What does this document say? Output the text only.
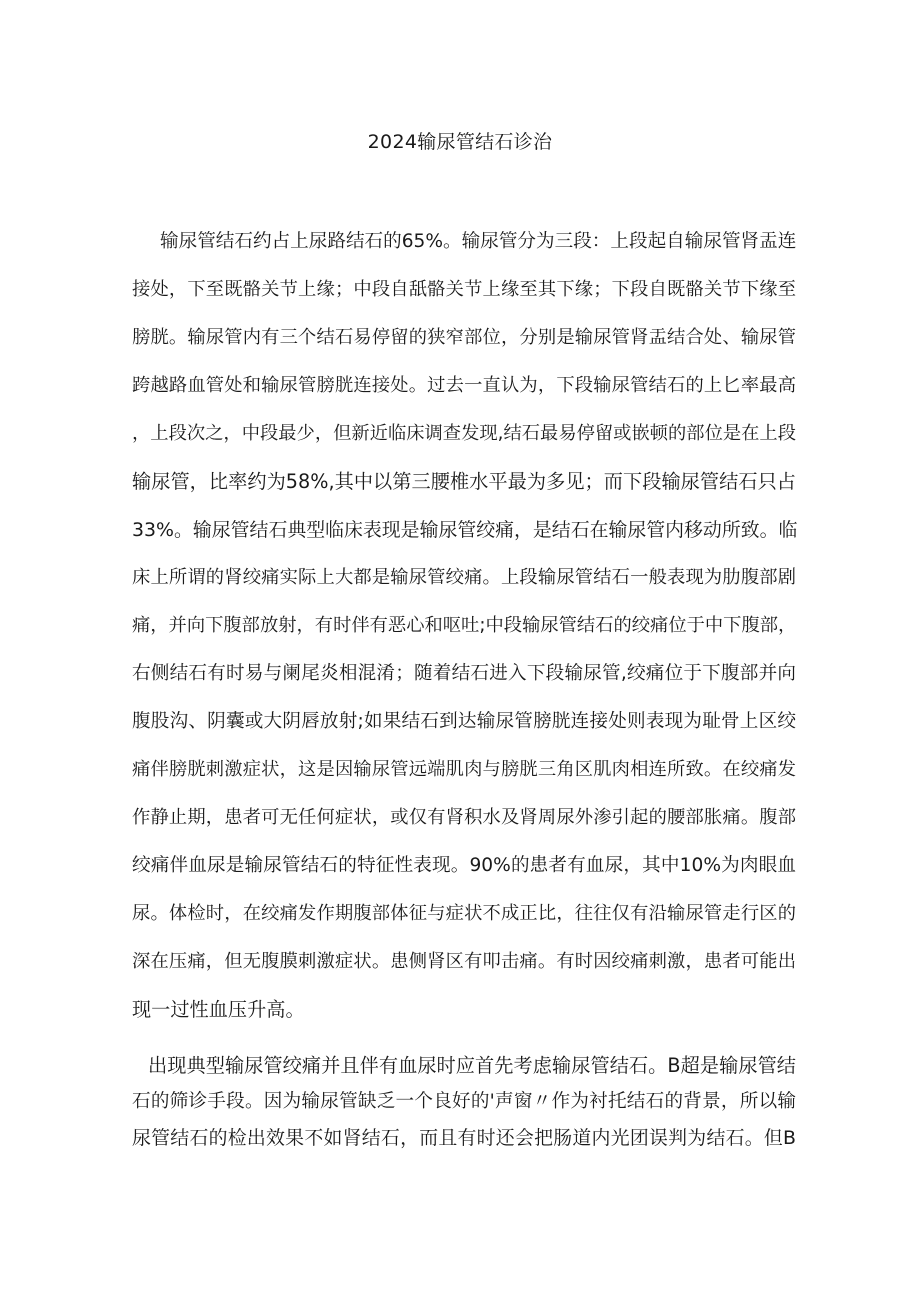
2024输尿管结石诊治
输尿管结石约占上尿路结石的65%。输尿管分为三段：上段起自输尿管肾盂连
接处，下至既骼关节上缘；中段自舐骼关节上缘至其下缘；下段自既骼关节下缘至
膀胱。输尿管内有三个结石易停留的狭窄部位，分别是输尿管肾盂结合处、输尿管
跨越路血管处和输尿管膀胱连接处。过去一直认为，下段输尿管结石的上匕率最高
，上段次之，中段最少，但新近临床调查发现,结石最易停留或嵌顿的部位是在上段
输尿管，比率约为58%,其中以第三腰椎水平最为多见；而下段输尿管结石只占
33%。输尿管结石典型临床表现是输尿管绞痛，是结石在输尿管内移动所致。临
床上所谓的肾绞痛实际上大都是输尿管绞痛。上段输尿管结石一般表现为肋腹部剧
痛，并向下腹部放射，有时伴有恶心和呕吐;中段输尿管结石的绞痛位于中下腹部，
右侧结石有时易与阑尾炎相混淆；随着结石进入下段输尿管,绞痛位于下腹部并向
腹股沟、阴囊或大阴唇放射;如果结石到达输尿管膀胱连接处则表现为耻骨上区绞
痛伴膀胱刺激症状，这是因输尿管远端肌肉与膀胱三角区肌肉相连所致。在绞痛发
作静止期，患者可无任何症状，或仅有肾积水及肾周尿外渗引起的腰部胀痛。腹部
绞痛伴血尿是输尿管结石的特征性表现。90%的患者有血尿，其中10%为肉眼血
尿。体检时，在绞痛发作期腹部体征与症状不成正比，往往仅有沿输尿管走行区的
深在压痛，但无腹膜刺激症状。患侧肾区有叩击痛。有时因绞痛刺激，患者可能出
现一过性血压升高。
出现典型输尿管绞痛并且伴有血尿时应首先考虑输尿管结石。B超是输尿管结
石的筛诊手段。因为输尿管缺乏一个良好的'声窗〃作为衬托结石的背景，所以输
尿管结石的检出效果不如肾结石，而且有时还会把肠道内光团误判为结石。但B
